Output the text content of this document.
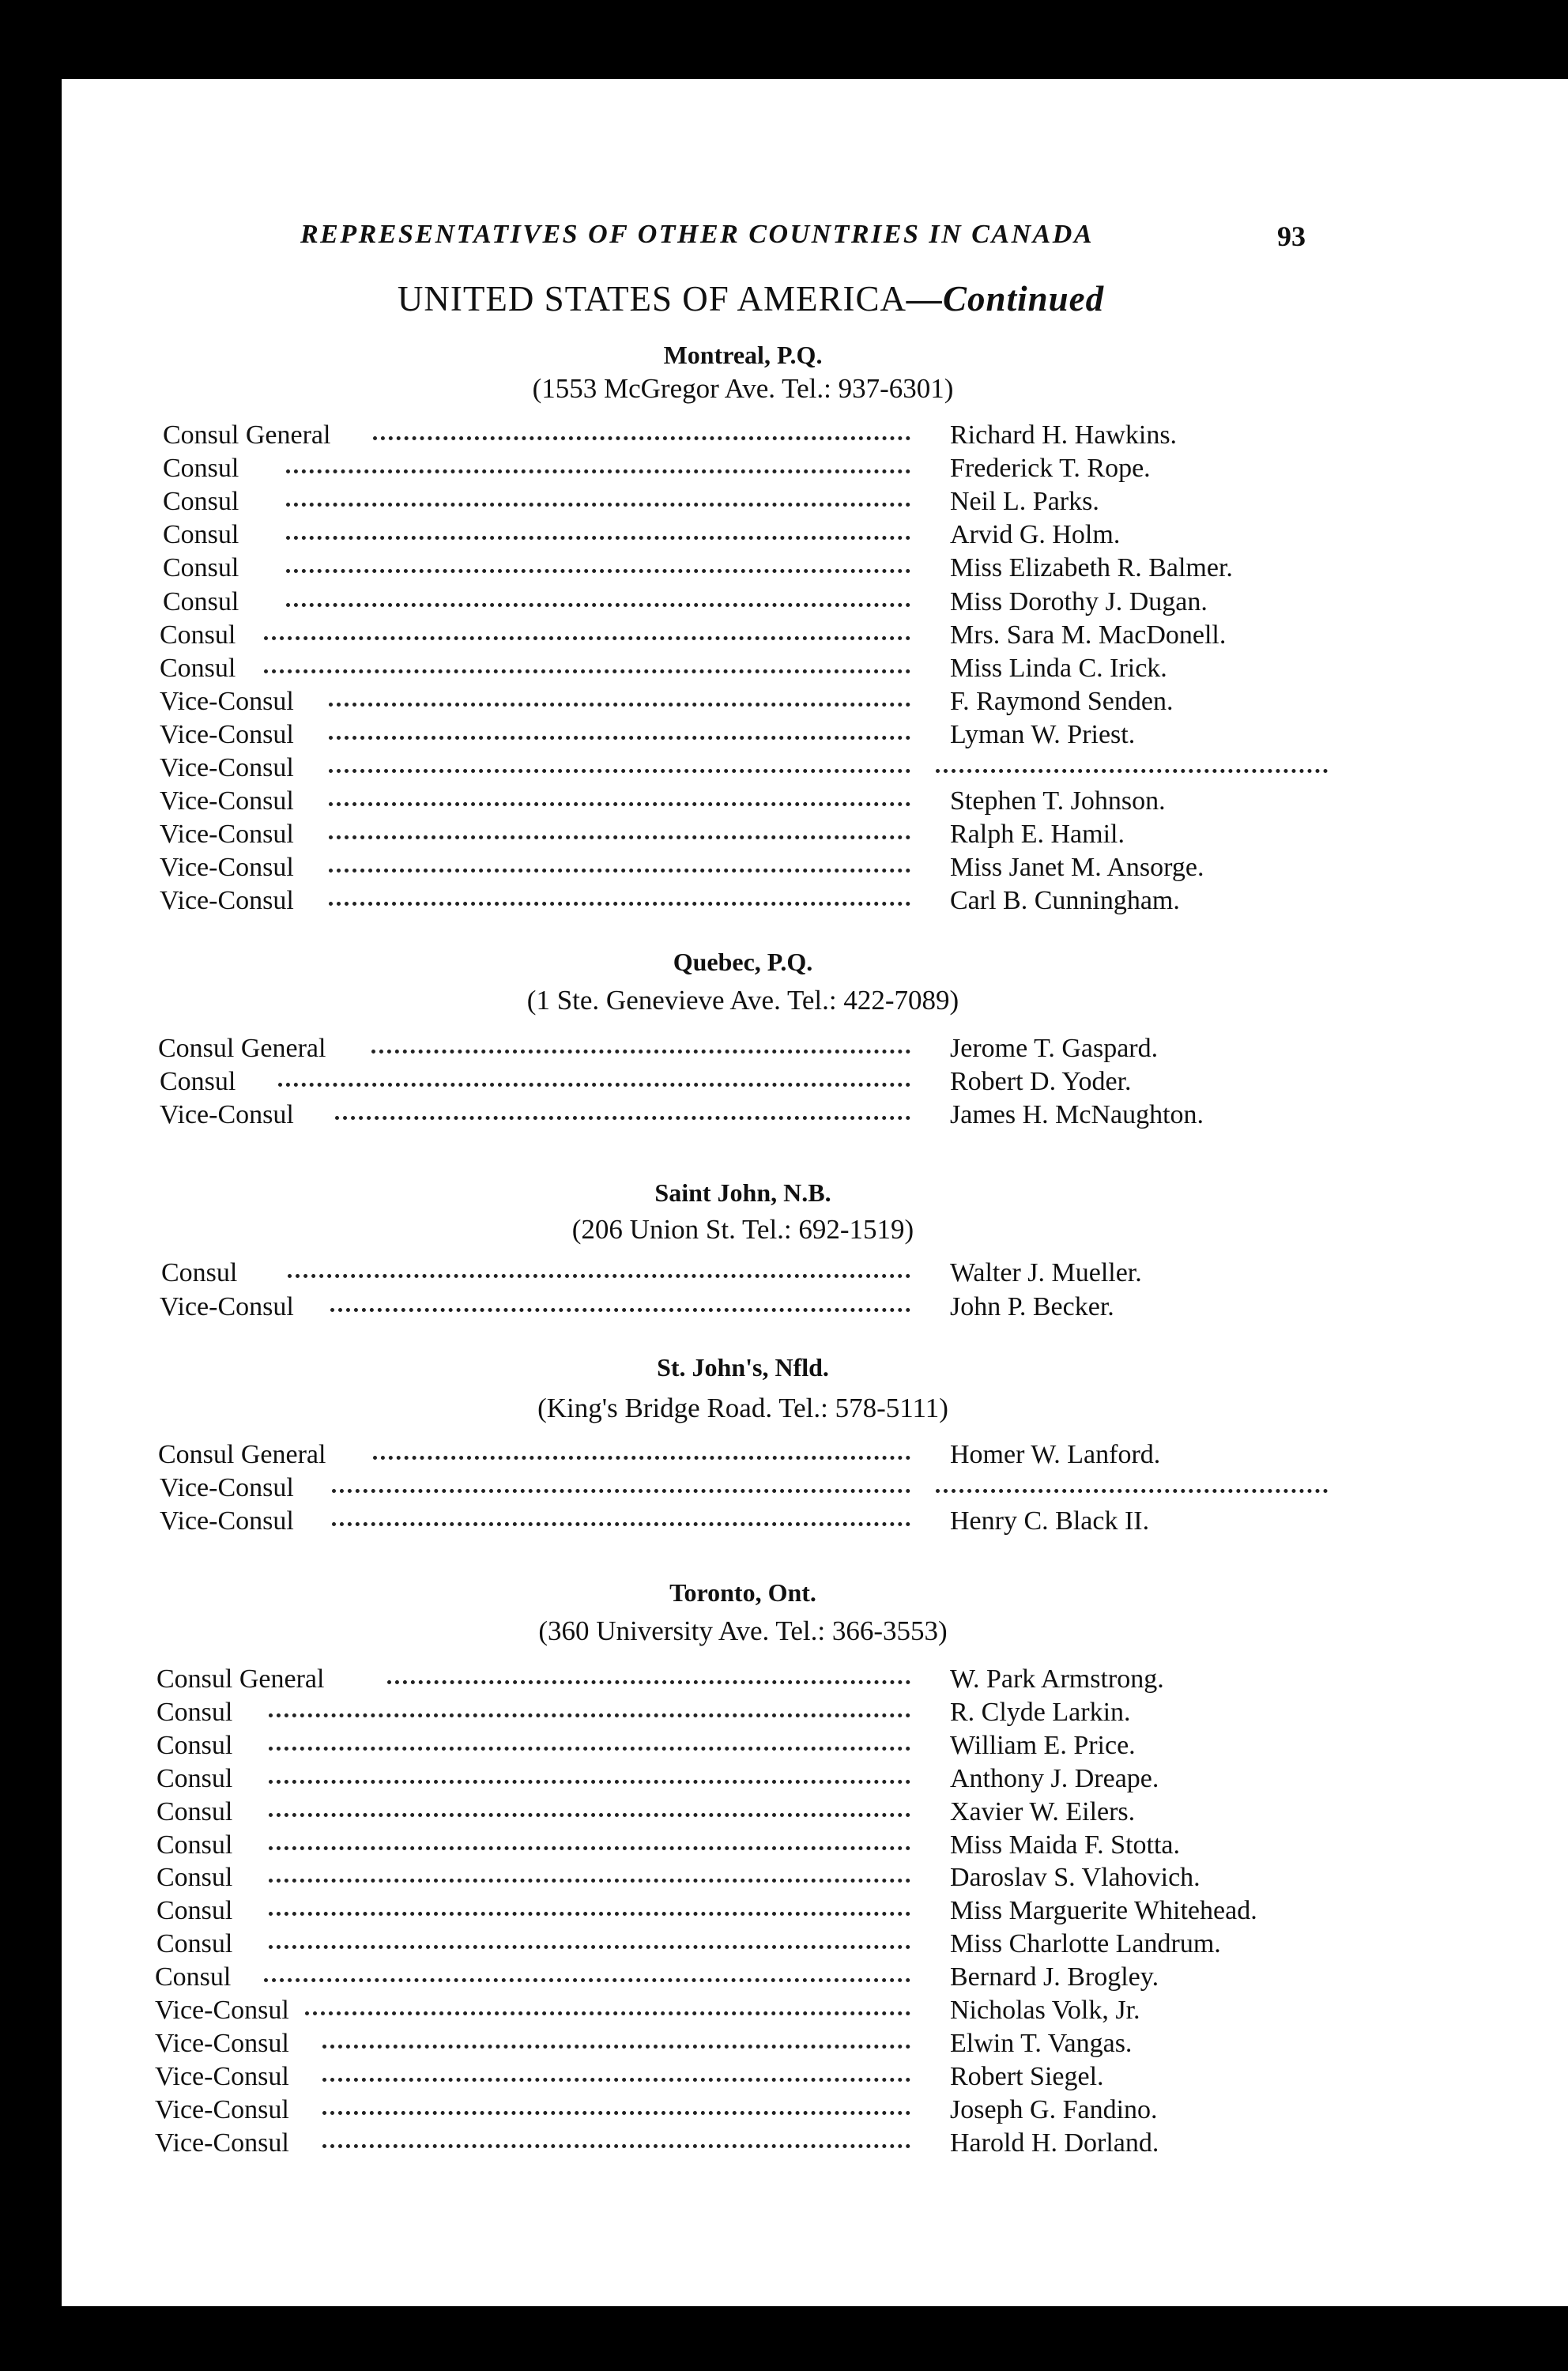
REPRESENTATIVES OF OTHER COUNTRIES IN CANADA	93
UNITED STATES OF AMERICA—Continued
Montreal, P.Q.
(1553 McGregor Ave. Tel.: 937-6301)
Consul General	Richard H. Hawkins.
Consul	Frederick T. Rope.
Consul	Neil L. Parks.
Consul	Arvid G. Holm.
Consul	Miss Elizabeth R. Balmer.
Consul	Miss Dorothy J. Dugan.
Consul	Mrs. Sara M. MacDonell.
Consul	Miss Linda C. Irick.
Vice-Consul	F. Raymond Senden.
Vice-Consul	Lyman W. Priest.
Vice-Consul
Vice-Consul	Stephen T. Johnson.
Vice-Consul	Ralph E. Hamil.
Vice-Consul	Miss Janet M. Ansorge.
Vice-Consul	Carl B. Cunningham.
Quebec, P.Q.
(1 Ste. Genevieve Ave. Tel.: 422-7089)
Consul General	Jerome T. Gaspard.
Consul	Robert D. Yoder.
Vice-Consul	James H. McNaughton.
Saint John, N.B.
(206 Union St. Tel.: 692-1519)
Consul	Walter J. Mueller.
Vice-Consul	John P. Becker.
St. John's, Nfld.
(King's Bridge Road. Tel.: 578-5111)
Consul General	Homer W. Lanford.
Vice-Consul
Vice-Consul	Henry C. Black II.
Toronto, Ont.
(360 University Ave. Tel.: 366-3553)
Consul General	W. Park Armstrong.
Consul	R. Clyde Larkin.
Consul	William E. Price.
Consul	Anthony J. Dreape.
Consul	Xavier W. Eilers.
Consul	Miss Maida F. Stotta.
Consul	Daroslav S. Vlahovich.
Consul	Miss Marguerite Whitehead.
Consul	Miss Charlotte Landrum.
Consul	Bernard J. Brogley.
Vice-Consul	Nicholas Volk, Jr.
Vice-Consul	Elwin T. Vangas.
Vice-Consul	Robert Siegel.
Vice-Consul	Joseph G. Fandino.
Vice-Consul	Harold H. Dorland.
